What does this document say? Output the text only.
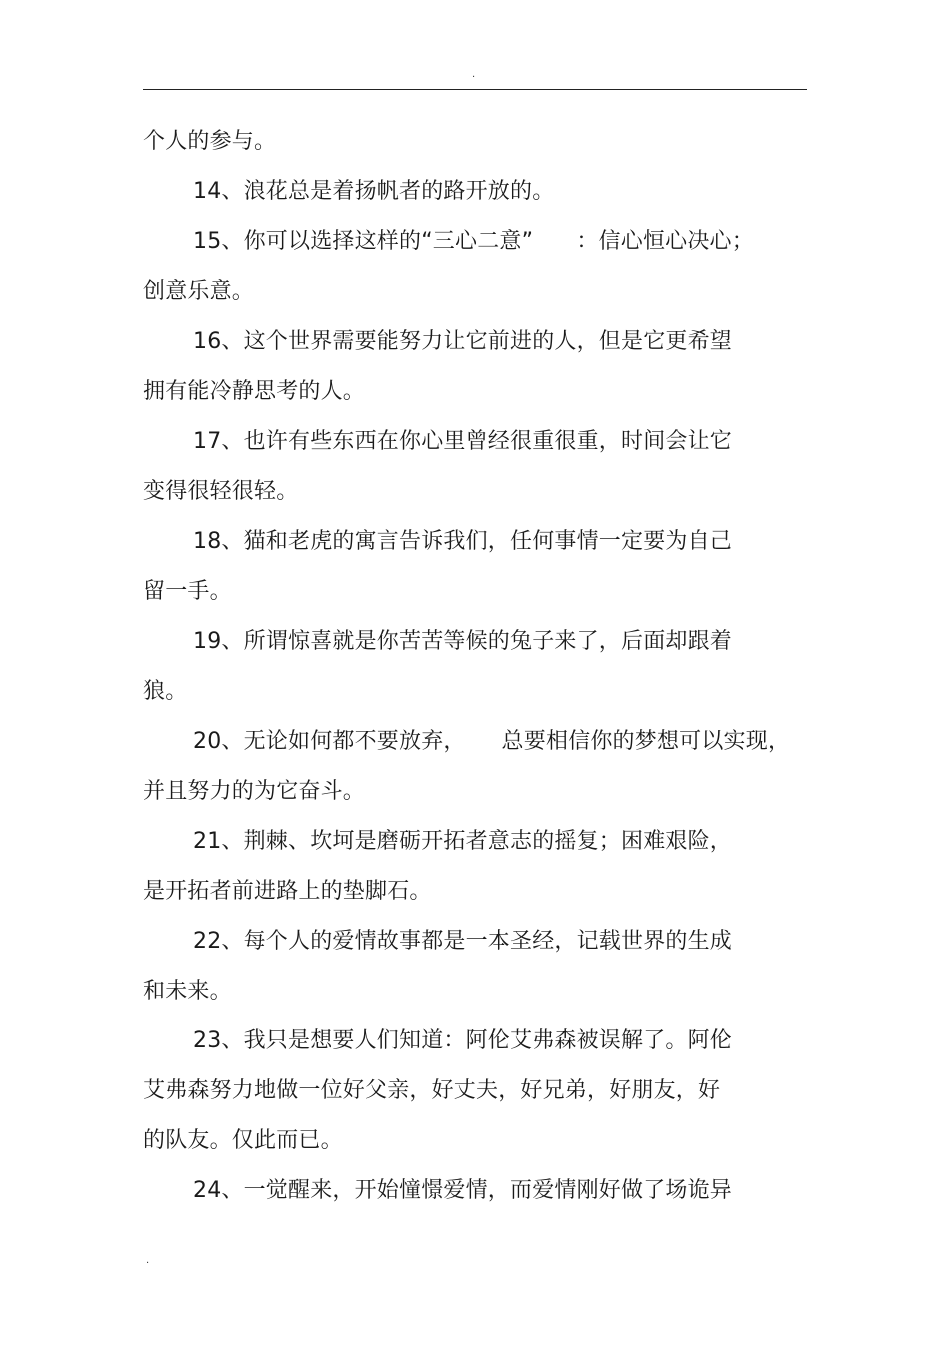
.
个人的参与。
14、浪花总是着扬帆者的路开放的。
15、你可以选择这样的“三心二意”      ：信心恒心决心；
创意乐意。
16、这个世界需要能努力让它前进的人，但是它更希望
拥有能冷静思考的人。
17、也许有些东西在你心里曾经很重很重，时间会让它
变得很轻很轻。
18、猫和老虎的寓言告诉我们，任何事情一定要为自己
留一手。
19、所谓惊喜就是你苦苦等候的兔子来了，后面却跟着
狼。
20、无论如何都不要放弃，     总要相信你的梦想可以实现，
并且努力的为它奋斗。
21、荆棘、坎坷是磨砺开拓者意志的摇复；困难艰险，
是开拓者前进路上的垫脚石。
22、每个人的爱情故事都是一本圣经，记载世界的生成
和未来。
23、我只是想要人们知道：阿伦艾弗森被误解了。阿伦
艾弗森努力地做一位好父亲，好丈夫，好兄弟，好朋友，好
的队友。仅此而已。
24、一觉醒来，开始憧憬爱情，而爱情刚好做了场诡异
.
